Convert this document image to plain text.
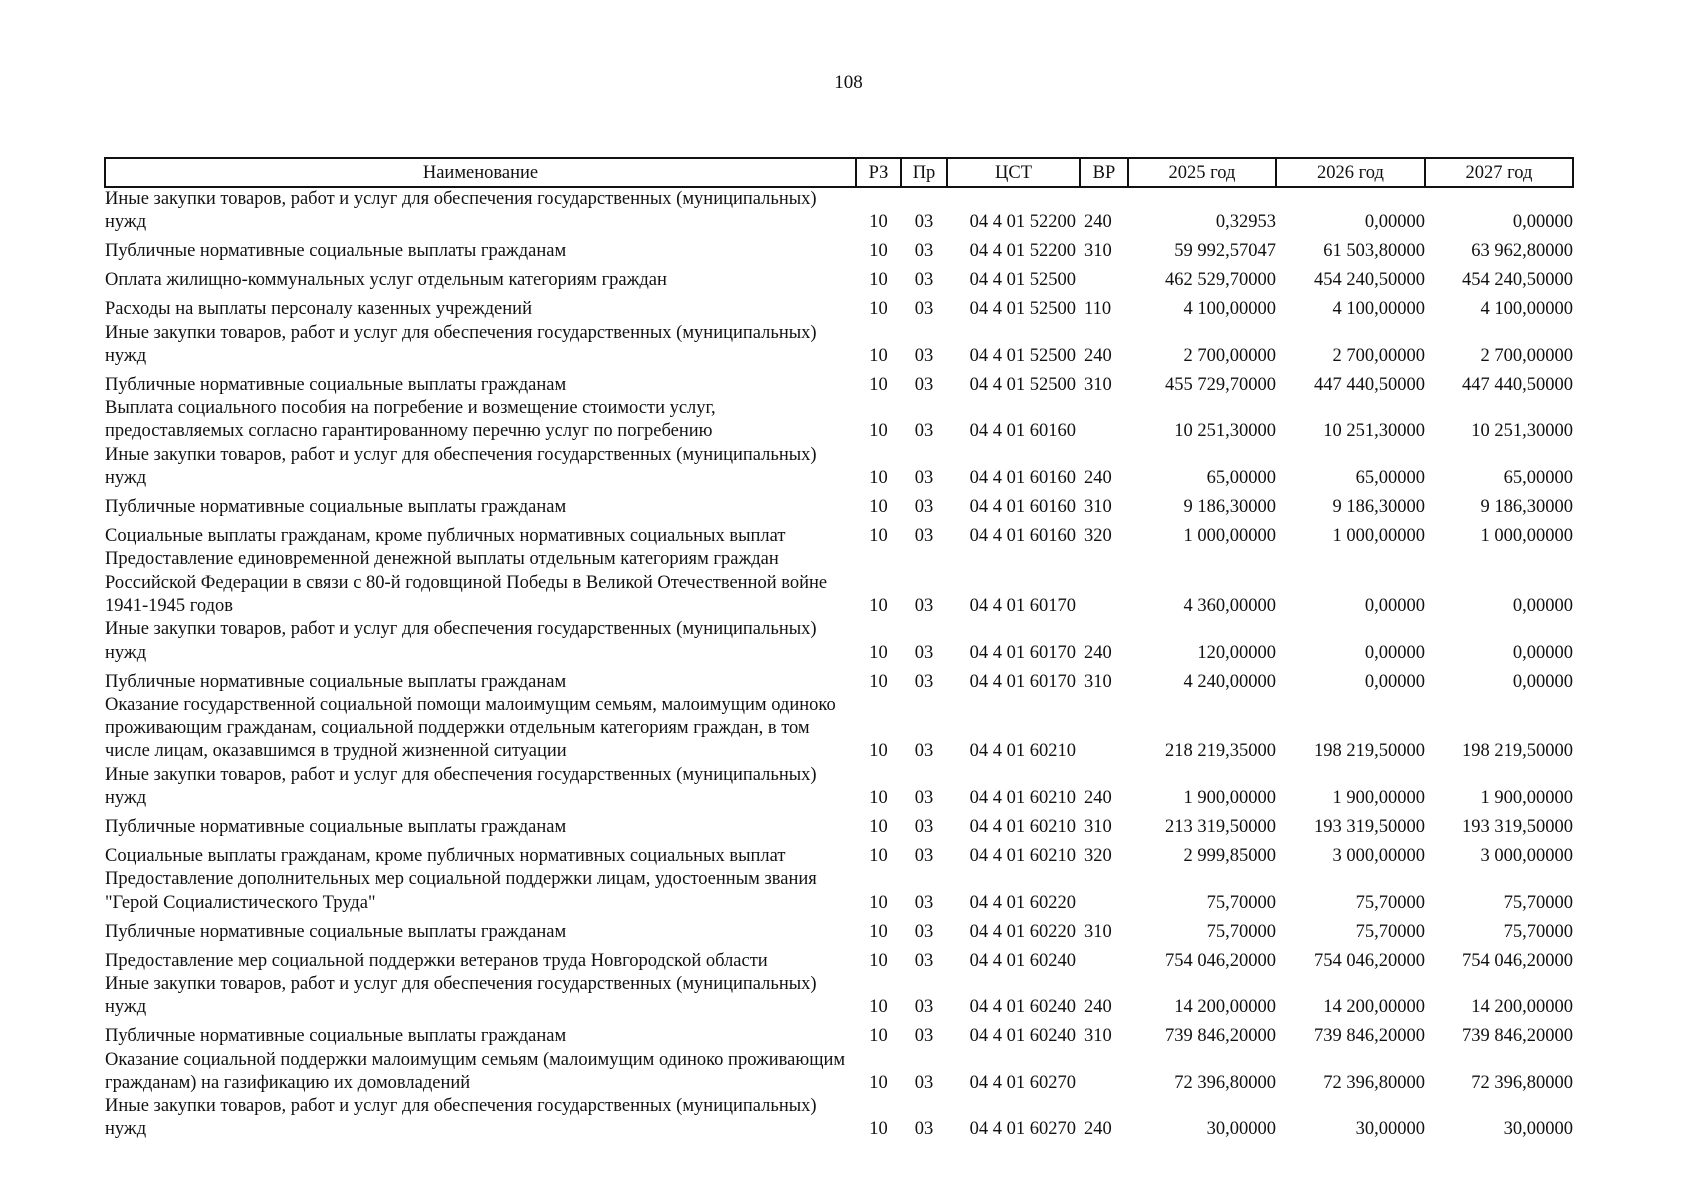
108
Наименование	РЗ	Пр	ЦСТ	ВР	2025 год	2026 год	2027 год
Иные закупки товаров, работ и услуг для обеспечения государственных (муниципальных) нужд	10	03	04 4 01 52200	240	0,32953	0,00000	0,00000
Публичные нормативные социальные выплаты гражданам	10	03	04 4 01 52200	310	59 992,57047	61 503,80000	63 962,80000
Оплата жилищно-коммунальных услуг отдельным категориям граждан	10	03	04 4 01 52500		462 529,70000	454 240,50000	454 240,50000
Расходы на выплаты персоналу казенных учреждений	10	03	04 4 01 52500	110	4 100,00000	4 100,00000	4 100,00000
Иные закупки товаров, работ и услуг для обеспечения государственных (муниципальных) нужд	10	03	04 4 01 52500	240	2 700,00000	2 700,00000	2 700,00000
Публичные нормативные социальные выплаты гражданам	10	03	04 4 01 52500	310	455 729,70000	447 440,50000	447 440,50000
Выплата социального пособия на погребение и возмещение стоимости услуг, предоставляемых согласно гарантированному перечню услуг по погребению	10	03	04 4 01 60160		10 251,30000	10 251,30000	10 251,30000
Иные закупки товаров, работ и услуг для обеспечения государственных (муниципальных) нужд	10	03	04 4 01 60160	240	65,00000	65,00000	65,00000
Публичные нормативные социальные выплаты гражданам	10	03	04 4 01 60160	310	9 186,30000	9 186,30000	9 186,30000
Социальные выплаты гражданам, кроме публичных нормативных социальных выплат	10	03	04 4 01 60160	320	1 000,00000	1 000,00000	1 000,00000
Предоставление единовременной денежной выплаты отдельным категориям граждан Российской Федерации в связи с 80-й годовщиной Победы в Великой Отечественной войне 1941-1945 годов	10	03	04 4 01 60170		4 360,00000	0,00000	0,00000
Иные закупки товаров, работ и услуг для обеспечения государственных (муниципальных) нужд	10	03	04 4 01 60170	240	120,00000	0,00000	0,00000
Публичные нормативные социальные выплаты гражданам	10	03	04 4 01 60170	310	4 240,00000	0,00000	0,00000
Оказание государственной социальной помощи малоимущим семьям, малоимущим одиноко проживающим гражданам, социальной поддержки отдельным категориям граждан, в том числе лицам, оказавшимся в трудной жизненной ситуации	10	03	04 4 01 60210		218 219,35000	198 219,50000	198 219,50000
Иные закупки товаров, работ и услуг для обеспечения государственных (муниципальных) нужд	10	03	04 4 01 60210	240	1 900,00000	1 900,00000	1 900,00000
Публичные нормативные социальные выплаты гражданам	10	03	04 4 01 60210	310	213 319,50000	193 319,50000	193 319,50000
Социальные выплаты гражданам, кроме публичных нормативных социальных выплат	10	03	04 4 01 60210	320	2 999,85000	3 000,00000	3 000,00000
Предоставление дополнительных мер социальной поддержки лицам, удостоенным звания "Герой Социалистического Труда"	10	03	04 4 01 60220		75,70000	75,70000	75,70000
Публичные нормативные социальные выплаты гражданам	10	03	04 4 01 60220	310	75,70000	75,70000	75,70000
Предоставление мер социальной поддержки ветеранов труда Новгородской области	10	03	04 4 01 60240		754 046,20000	754 046,20000	754 046,20000
Иные закупки товаров, работ и услуг для обеспечения государственных (муниципальных) нужд	10	03	04 4 01 60240	240	14 200,00000	14 200,00000	14 200,00000
Публичные нормативные социальные выплаты гражданам	10	03	04 4 01 60240	310	739 846,20000	739 846,20000	739 846,20000
Оказание социальной поддержки малоимущим семьям (малоимущим одиноко проживающим гражданам) на газификацию их домовладений	10	03	04 4 01 60270		72 396,80000	72 396,80000	72 396,80000
Иные закупки товаров, работ и услуг для обеспечения государственных (муниципальных) нужд	10	03	04 4 01 60270	240	30,00000	30,00000	30,00000
